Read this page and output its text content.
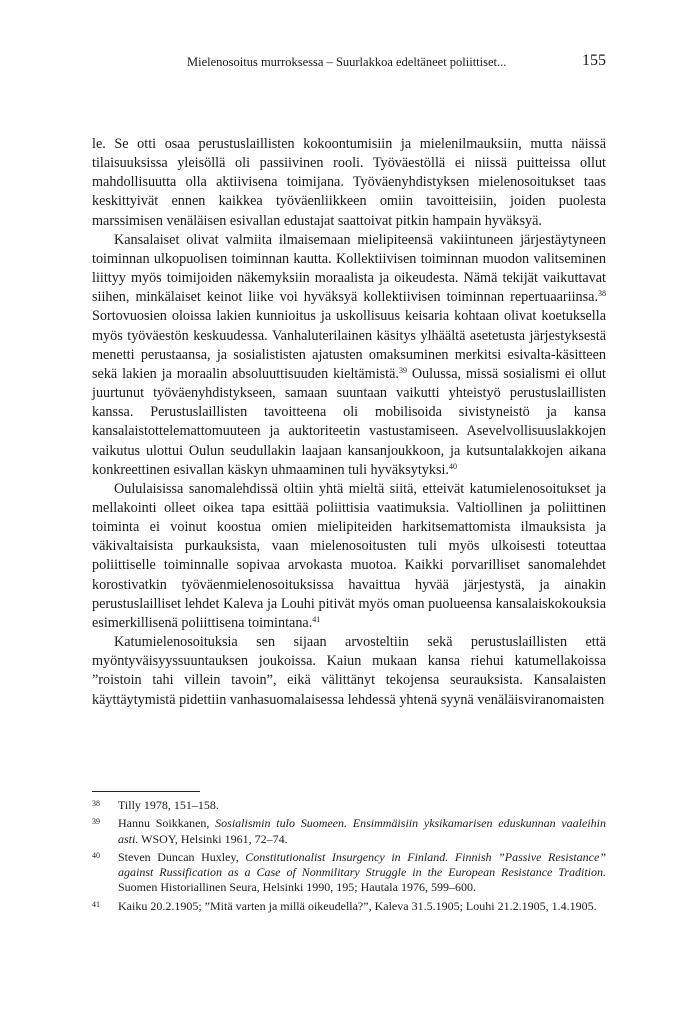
Mielenosoitus murroksessa – Suurlakkoa edeltäneet poliittiset...	155

le. Se otti osaa perustuslaillisten kokoontumisiin ja mielenilmauksiin, mutta näissä tilaisuuksissa yleisöllä oli passiivinen rooli. Työväestöllä ei niissä puitteissa ollut mahdollisuutta olla aktiivisena toimijana. Työväenyhdistyksen mielenosoitukset taas keskittyivät ennen kaikkea työväenliikkeen omiin tavoitteisiin, joiden puolesta marssimisen venäläisen esivallan edustajat saattoivat pitkin hampain hyväksyä.

Kansalaiset olivat valmiita ilmaisemaan mielipiteensä vakiintuneen järjestäytyneen toiminnan ulkopuolisen toiminnan kautta. Kollektiivisen toiminnan muodon valitseminen liittyy myös toimijoiden näkemyksiin moraalista ja oikeudesta. Nämä tekijät vaikuttavat siihen, minkälaiset keinot liike voi hyväksyä kollektiivisen toiminnan repertuaariinsa.$^{38}$ Sortovuosien oloissa lakien kunnioitus ja uskollisuus keisaria kohtaan olivat koetuksella myös työväestön keskuudessa. Vanhaluterilainen käsitys ylhäältä asetetusta järjestyksestä menetti perustaansa, ja sosialististen ajatusten omaksuminen merkitsi esivalta-käsitteen sekä lakien ja moraalin absoluuttisuuden kieltämistä.$^{39}$ Oulussa, missä sosialismi ei ollut juurtunut työväenyhdistykseen, samaan suuntaan vaikutti yhteistyö perustuslaillisten kanssa. Perustuslaillisten tavoitteena oli mobilisoida sivistyneistö ja kansa kansalaistottelemattomuuteen ja auktoriteetin vastustamiseen. Asevelvollisuuslakkojen vaikutus ulottui Oulun seudullakin laajaan kansanjoukkoon, ja kutsuntalakkojen aikana konkreettinen esivallan käskyn uhmaaminen tuli hyväksytyksi.$^{40}$

Oululaisissa sanomalehdissä oltiin yhtä mieltä siitä, etteivät katumielenosoitukset ja mellakointi olleet oikea tapa esittää poliittisia vaatimuksia. Valtiollinen ja poliittinen toiminta ei voinut koostua omien mielipiteiden harkitsemattomista ilmauksista ja väkivaltaisista purkauksista, vaan mielenosoitusten tuli myös ulkoisesti toteuttaa poliittiselle toiminnalle sopivaa arvokasta muotoa. Kaikki porvarilliset sanomalehdet korostivatkin työväenmielenosoituksissa havaittua hyvää järjestystä, ja ainakin perustuslailliset lehdet Kaleva ja Louhi pitivät myös oman puolueensa kansalaiskokouksia esimerkillisenä poliittisena toimintana.$^{41}$

Katumielenosoituksia sen sijaan arvosteltiin sekä perustuslaillisten että myöntyväisyyssuuntauksen joukoissa. Kaiun mukaan kansa riehui katumellakoissa ”roistoin tahi villein tavoin”, eikä välittänyt tekojensa seurauksista. Kansalaisten käyttäytymistä pidettiin vanhasuomalaisessa lehdessä yhtenä syynä venäläisviranomaisten

38	Tilly 1978, 151–158.
39	Hannu Soikkanen, Sosialismin tulo Suomeen. Ensimmäisiin yksikamarisen eduskunnan vaaleihin asti. WSOY, Helsinki 1961, 72–74.
40	Steven Duncan Huxley, Constitutionalist Insurgency in Finland. Finnish ”Passive Resistance” against Russification as a Case of Nonmilitary Struggle in the European Resistance Tradition. Suomen Historiallinen Seura, Helsinki 1990, 195; Hautala 1976, 599–600.
41	Kaiku 20.2.1905; ”Mitä varten ja millä oikeudella?”, Kaleva 31.5.1905; Louhi 21.2.1905, 1.4.1905.
